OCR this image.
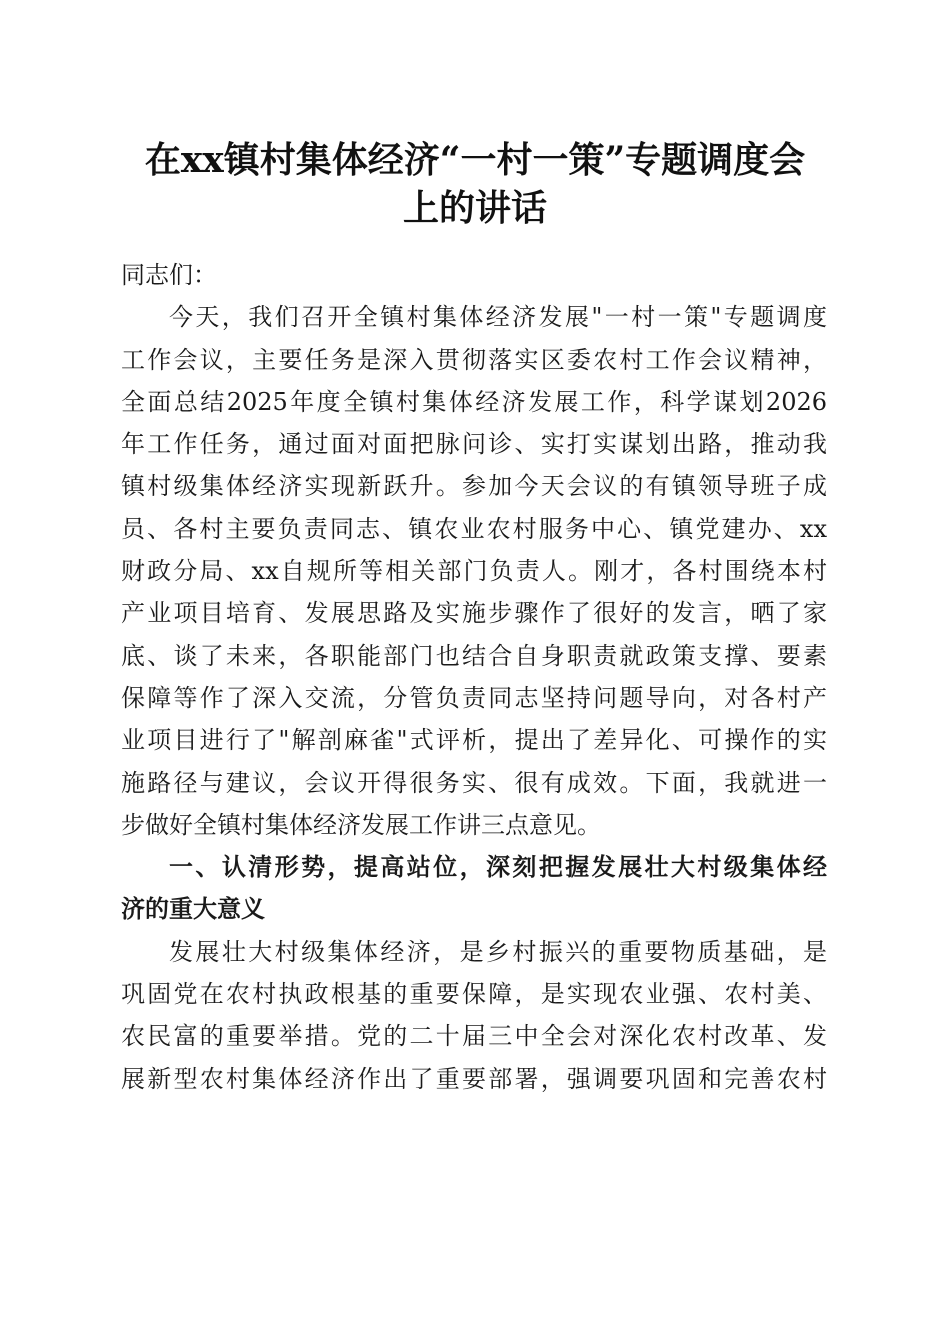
在xx镇村集体经济“一村一策”专题调度会
上的讲话
同志们：
今天，我们召开全镇村集体经济发展"一村一策"专题调度
工作会议，主要任务是深入贯彻落实区委农村工作会议精神，
全面总结2025年度全镇村集体经济发展工作，科学谋划2026
年工作任务，通过面对面把脉问诊、实打实谋划出路，推动我
镇村级集体经济实现新跃升。参加今天会议的有镇领导班子成
员、各村主要负责同志、镇农业农村服务中心、镇党建办、xx
财政分局、xx自规所等相关部门负责人。刚才，各村围绕本村
产业项目培育、发展思路及实施步骤作了很好的发言，晒了家
底、谈了未来，各职能部门也结合自身职责就政策支撑、要素
保障等作了深入交流，分管负责同志坚持问题导向，对各村产
业项目进行了"解剖麻雀"式评析，提出了差异化、可操作的实
施路径与建议，会议开得很务实、很有成效。下面，我就进一
步做好全镇村集体经济发展工作讲三点意见。
一、认清形势，提高站位，深刻把握发展壮大村级集体经
济的重大意义
发展壮大村级集体经济，是乡村振兴的重要物质基础，是
巩固党在农村执政根基的重要保障，是实现农业强、农村美、
农民富的重要举措。党的二十届三中全会对深化农村改革、发
展新型农村集体经济作出了重要部署，强调要巩固和完善农村
